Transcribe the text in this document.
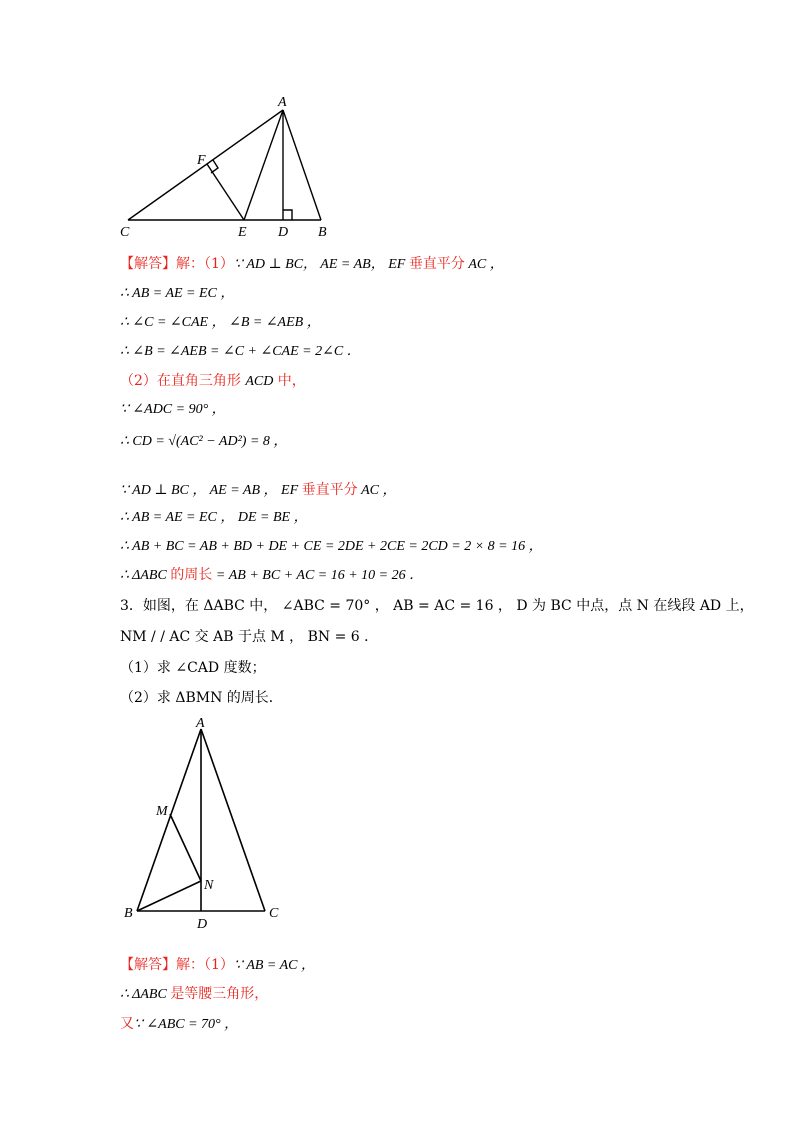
A
F
C	E D B
【解答】解：（1）∵ AD ⊥ BC， AE = AB， EF 垂直平分 AC ，
∴ AB = AE = EC ，
∴ ∠C = ∠CAE ， ∠B = ∠AEB ，
∴ ∠B = ∠AEB = ∠C + ∠CAE = 2∠C ．
（2）在直角三角形 ACD 中，
∵ ∠ADC = 90° ，
∴ CD = √(AC² − AD²) = 8 ，
∵ AD ⊥ BC ， AE = AB ， EF 垂直平分 AC ，
∴ AB = AE = EC ， DE = BE ，
∴ AB + BC = AB + BD + DE + CE = 2DE + 2CE = 2CD = 2 × 8 = 16 ，
∴ ΔABC 的周长 = AB + BC + AC = 16 + 10 = 26 ．
3．如图，在 ΔABC 中， ∠ABC = 70° ， AB = AC = 16 ， D 为 BC 中点，点 N 在线段 AD 上，
NM / / AC 交 AB 于点 M ， BN = 6 ．
（1）求 ∠CAD 度数；
（2）求 ΔBMN 的周长．
A
M
N
B
D
C
【解答】解：（1）∵ AB = AC ，
∴ ΔABC 是等腰三角形，
又∵ ∠ABC = 70° ，
